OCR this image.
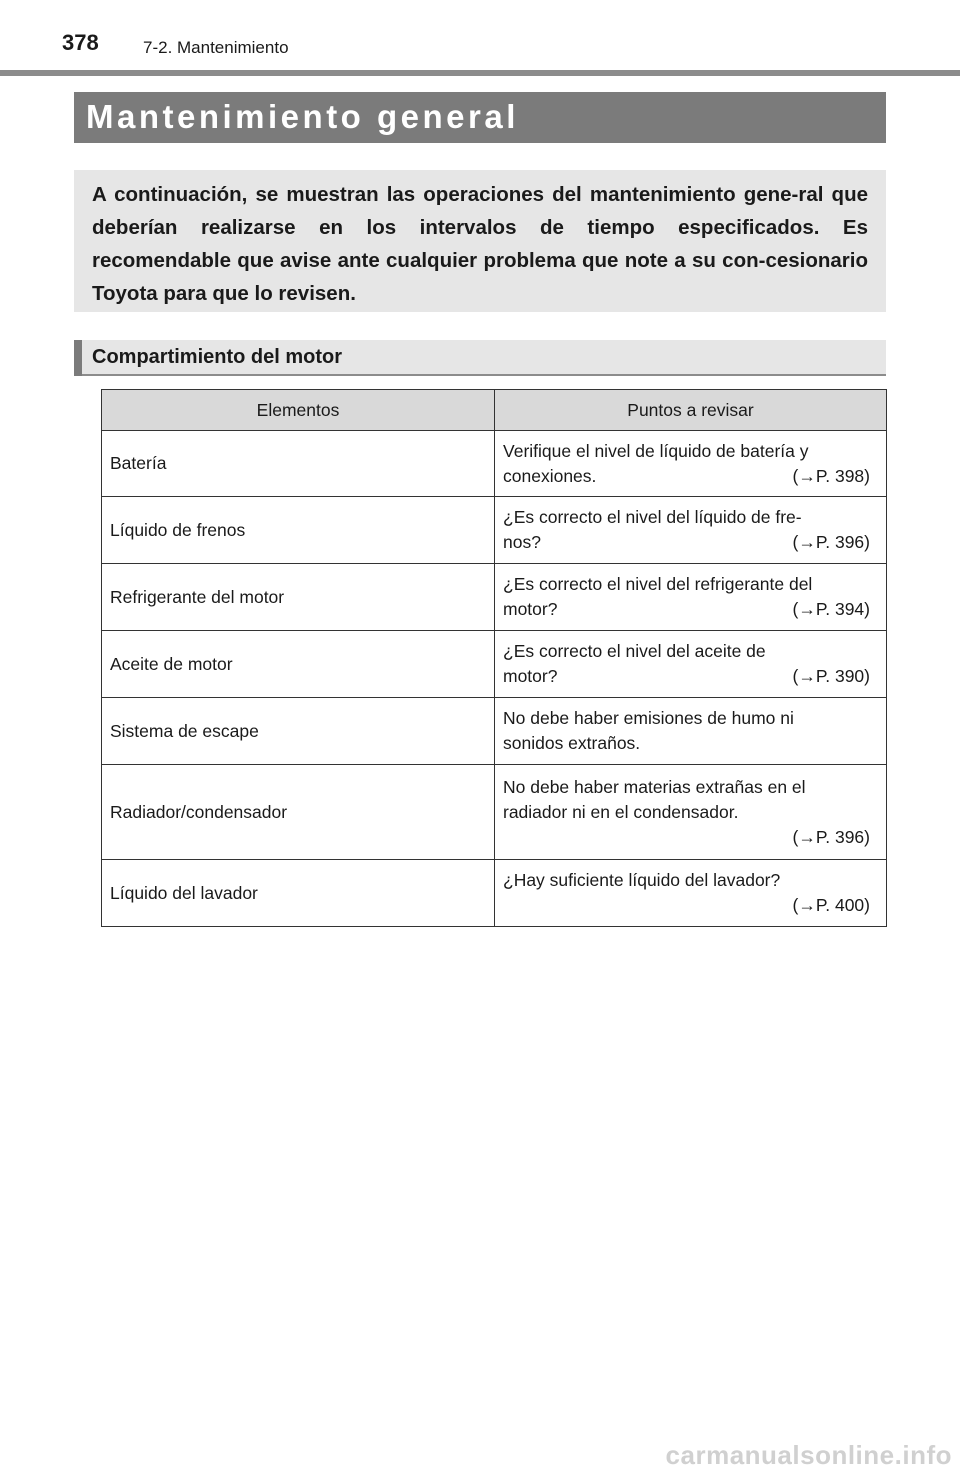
378	7-2. Mantenimiento
Mantenimiento general

A continuación, se muestran las operaciones del mantenimiento gene-ral que deberían realizarse en los intervalos de tiempo especificados. Es recomendable que avise ante cualquier problema que note a su con-cesionario Toyota para que lo revisen.

Compartimiento del motor
Elementos	Puntos a revisar
Batería	Verifique el nivel de líquido de batería y
conexiones. (→P. 398)

Líquido de frenos	¿Es correcto el nivel del líquido de fre-
nos? (→P. 396)

Refrigerante del motor	¿Es correcto el nivel del refrigerante del
motor? (→P. 394)

Aceite de motor	¿Es correcto el nivel del aceite de
motor? (→P. 390)

Sistema de escape	No debe haber emisiones de humo ni
sonidos extraños.

Radiador/condensador	No debe haber materias extrañas en el
radiador ni en el condensador.
(→P. 396)

Líquido del lavador	¿Hay suficiente líquido del lavador?
(→P. 400)
carmanualsonline.info
